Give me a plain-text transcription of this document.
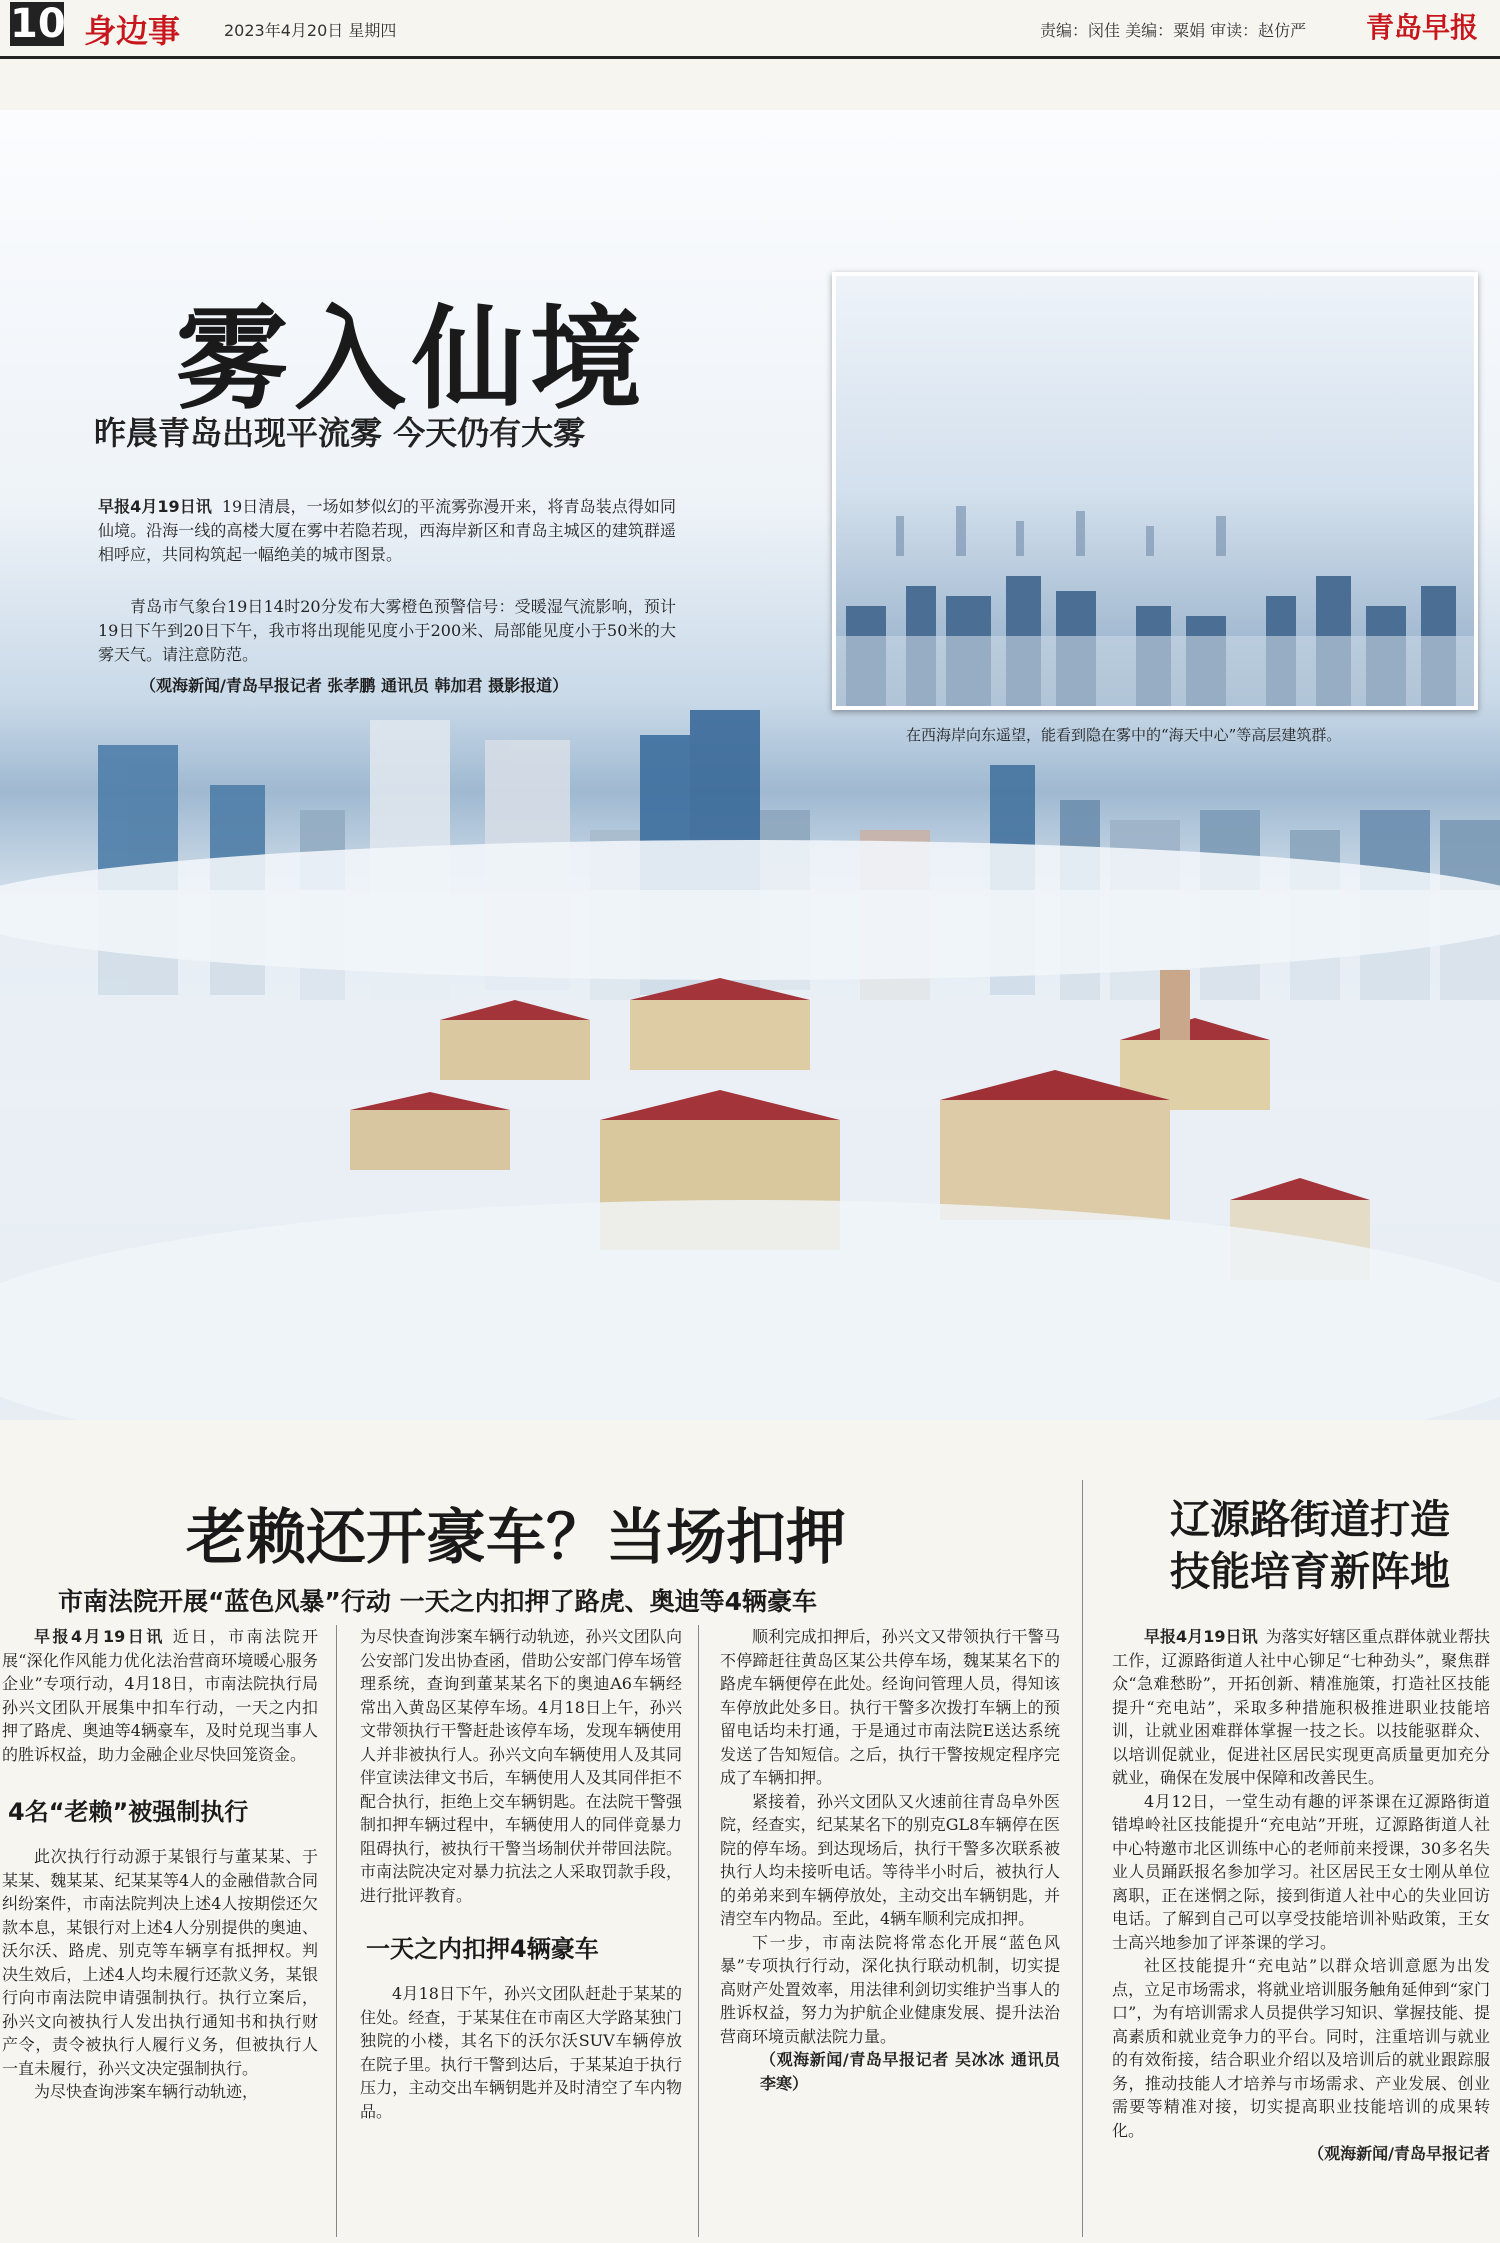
10 身边事	2023年4月20日 星期四	责编：闵佳 美编：粟娟 审读：赵仿严 青岛早报
雾入仙境
昨晨青岛出现平流雾 今天仍有大雾
早报4月19日讯 19日清晨，一场如梦似幻的平流雾弥漫开来，将青岛装点得如同仙境。沿海一线的高楼大厦在雾中若隐若现，西海岸新区和青岛主城区的建筑群遥相呼应，共同构筑起一幅绝美的城市图景。
青岛市气象台19日14时20分发布大雾橙色预警信号：受暖湿气流影响，预计19日下午到20日下午，我市将出现能见度小于200米、局部能见度小于50米的大雾天气。请注意防范。
（观海新闻/青岛早报记者 张孝鹏 通讯员 韩加君 摄影报道）
在西海岸向东遥望，能看到隐在雾中的“海天中心”等高层建筑群。
老赖还开豪车？当场扣押
市南法院开展“蓝色风暴”行动 一天之内扣押了路虎、奥迪等4辆豪车

早报4月19日讯 近日，市南法院开展“深化作风能力优化法治营商环境暖心服务企业”专项行动，4月18日，市南法院执行局孙兴文团队开展集中扣车行动，一天之内扣押了路虎、奥迪等4辆豪车，及时兑现当事人的胜诉权益，助力金融企业尽快回笼资金。

4名“老赖”被强制执行

此次执行行动源于某银行与董某某、于某某、魏某某、纪某某等4人的金融借款合同纠纷案件，市南法院判决上述4人按期偿还欠款本息，某银行对上述4人分别提供的奥迪、沃尔沃、路虎、别克等车辆享有抵押权。判决生效后，上述4人均未履行还款义务，某银行向市南法院申请强制执行。执行立案后，孙兴文向被执行人发出执行通知书和执行财产令，责令被执行人履行义务，但被执行人一直未履行，孙兴文决定强制执行。

为尽快查询涉案车辆行动轨迹，

为尽快查询涉案车辆行动轨迹，孙兴文团队向公安部门发出协查函，借助公安部门停车场管理系统，查询到董某某名下的奥迪A6车辆经常出入黄岛区某停车场。4月18日上午，孙兴文带领执行干警赶赴该停车场，发现车辆使用人并非被执行人。孙兴文向车辆使用人及其同伴宣读法律文书后，车辆使用人及其同伴拒不配合执行，拒绝上交车辆钥匙。在法院干警强制扣押车辆过程中，车辆使用人的同伴竟暴力阻碍执行，被执行干警当场制伏并带回法院。市南法院决定对暴力抗法之人采取罚款手段，进行批评教育。

一天之内扣押4辆豪车

4月18日下午，孙兴文团队赶赴于某某的住处。经查，于某某住在市南区大学路某独门独院的小楼，其名下的沃尔沃SUV车辆停放在院子里。执行干警到达后，于某某迫于执行压力，主动交出车辆钥匙并及时清空了车内物品。

顺利完成扣押后，孙兴文又带领执行干警马不停蹄赶往黄岛区某公共停车场，魏某某名下的路虎车辆便停在此处。经询问管理人员，得知该车停放此处多日。执行干警多次拨打车辆上的预留电话均未打通，于是通过市南法院E送达系统发送了告知短信。之后，执行干警按规定程序完成了车辆扣押。

紧接着，孙兴文团队又火速前往青岛阜外医院，经查实，纪某某名下的别克GL8车辆停在医院的停车场。到达现场后，执行干警多次联系被执行人均未接听电话。等待半小时后，被执行人的弟弟来到车辆停放处，主动交出车辆钥匙，并清空车内物品。至此，4辆车顺利完成扣押。

下一步，市南法院将常态化开展“蓝色风暴”专项执行行动，深化执行联动机制，切实提高财产处置效率，用法律利剑切实维护当事人的胜诉权益，努力为护航企业健康发展、提升法治营商环境贡献法院力量。

（观海新闻/青岛早报记者 吴冰冰 通讯员 李寒）

辽源路街道打造
技能培育新阵地

早报4月19日讯 为落实好辖区重点群体就业帮扶工作，辽源路街道人社中心铆足“七种劲头”，聚焦群众“急难愁盼”，开拓创新、精准施策，打造社区技能提升“充电站”，采取多种措施积极推进职业技能培训，让就业困难群体掌握一技之长。以技能驱群众、以培训促就业，促进社区居民实现更高质量更加充分就业，确保在发展中保障和改善民生。

4月12日，一堂生动有趣的评茶课在辽源路街道错埠岭社区技能提升“充电站”开班，辽源路街道人社中心特邀市北区训练中心的老师前来授课，30多名失业人员踊跃报名参加学习。社区居民王女士刚从单位离职，正在迷惘之际，接到街道人社中心的失业回访电话。了解到自己可以享受技能培训补贴政策，王女士高兴地参加了评茶课的学习。

社区技能提升“充电站”以群众培训意愿为出发点，立足市场需求，将就业培训服务触角延伸到“家门口”，为有培训需求人员提供学习知识、掌握技能、提高素质和就业竞争力的平台。同时，注重培训与就业的有效衔接，结合职业介绍以及培训后的就业跟踪服务，推动技能人才培养与市场需求、产业发展、创业需要等精准对接，切实提高职业技能培训的成果转化。

（观海新闻/青岛早报记者
